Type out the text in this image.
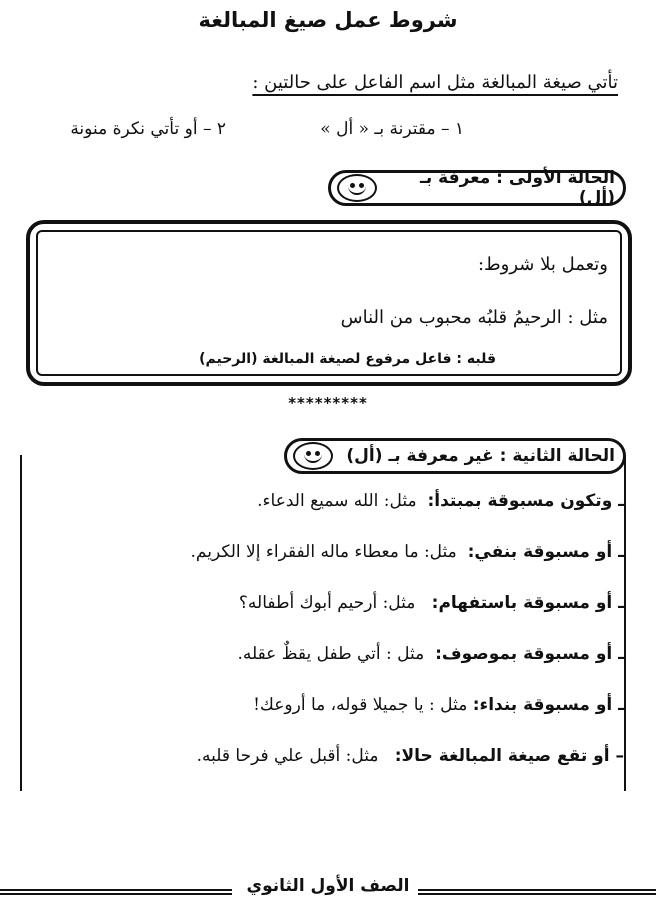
شروط عمل صيغ المبالغة
تأتي صيغة المبالغة مثل اسم الفاعل على حالتين :
١ – مقترنة بـ « أل »
٢ – أو تأتي نكرة منونة
الحالة الأولى : معرفة بـ (أل)
وتعمل بلا شروط:
مثل : الرحيمُ قلبُه محبوب من الناس
قلبه : فاعل مرفوع لصيغة المبالغة (الرحيم)
*********
الحالة الثانية : غير معرفة بـ (أل)
ـ وتكون مسبوقة بمبتدأ:  مثل: الله سميع الدعاء.
ـ أو مسبوقة بنفي:  مثل: ما معطاء ماله الفقراء إلا الكريم.
ـ أو مسبوقة باستفهام:   مثل: أرحيم أبوك أطفاله؟
ـ أو مسبوقة بموصوف:  مثل : أتي طفل يقظٌ عقله.
ـ أو مسبوقة بنداء: مثل : يا جميلا قوله، ما أروعك!
– أو تقع صيغة المبالغة حالا:   مثل: أقبل علي فرحا قلبه.
الصف الأول الثانوي
